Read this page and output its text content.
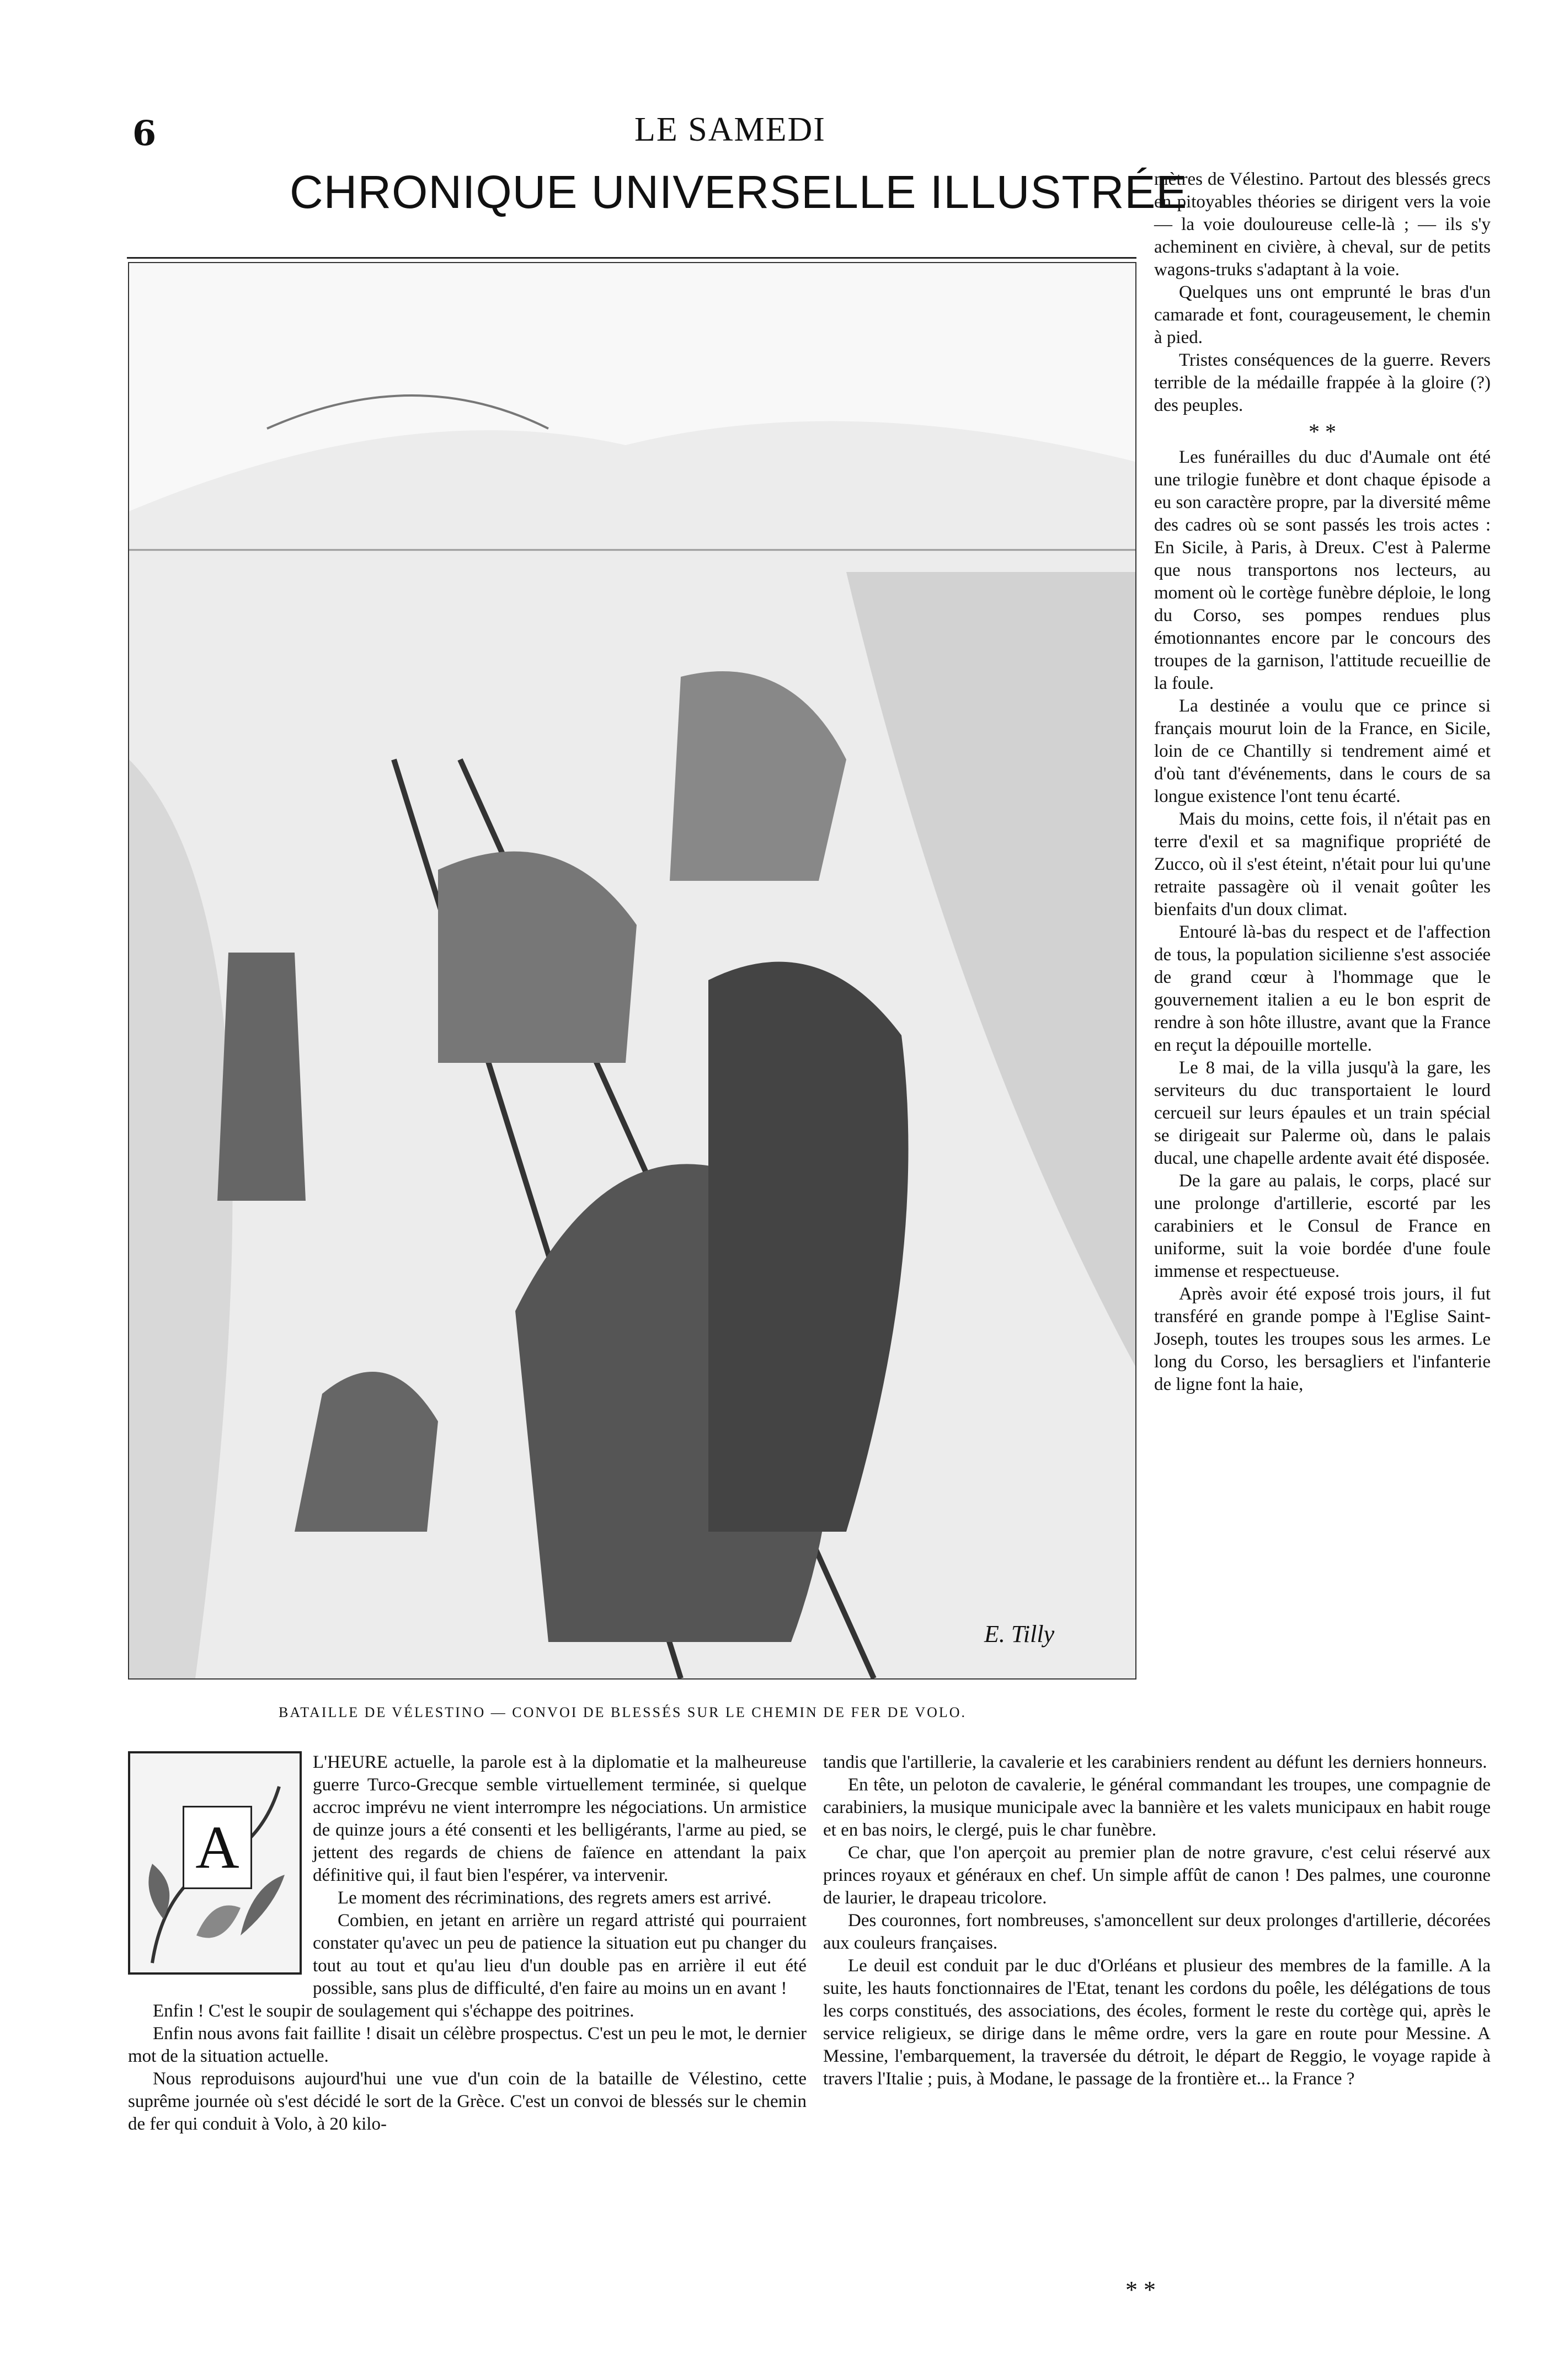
6	LE SAMEDI
CHRONIQUE UNIVERSELLE ILLUSTRÉE
E. Tilly
BATAILLE DE VÉLESTINO — CONVOI DE BLESSÉS SUR LE CHEMIN DE FER DE VOLO.

mètres de Vélestino. Partout des blessés grecs en pitoyables théories se dirigent vers la voie — la voie douloureuse celle-là ; — ils s'y acheminent en civière, à cheval, sur de petits wagons-truks s'adaptant à la voie.

Quelques uns ont emprunté le bras d'un camarade et font, courageusement, le chemin à pied.

Tristes conséquences de la guerre. Revers terrible de la médaille frappée à la gloire (?) des peuples.

* *

Les funérailles du duc d'Aumale ont été une trilogie funèbre et dont chaque épisode a eu son caractère propre, par la diversité même des cadres où se sont passés les trois actes : En Sicile, à Paris, à Dreux. C'est à Palerme que nous transportons nos lecteurs, au moment où le cortège funèbre déploie, le long du Corso, ses pompes rendues plus émotionnantes encore par le concours des troupes de la garnison, l'attitude recueillie de la foule.

La destinée a voulu que ce prince si français mourut loin de la France, en Sicile, loin de ce Chantilly si tendrement aimé et d'où tant d'événements, dans le cours de sa longue existence l'ont tenu écarté.

Mais du moins, cette fois, il n'était pas en terre d'exil et sa magnifique propriété de Zucco, où il s'est éteint, n'était pour lui qu'une retraite passagère où il venait goûter les bienfaits d'un doux climat.

Entouré là-bas du respect et de l'affection de tous, la population sicilienne s'est associée de grand cœur à l'hommage que le gouvernement italien a eu le bon esprit de rendre à son hôte illustre, avant que la France en reçut la dépouille mortelle.

Le 8 mai, de la villa jusqu'à la gare, les serviteurs du duc transportaient le lourd cercueil sur leurs épaules et un train spécial se dirigeait sur Palerme où, dans le palais ducal, une chapelle ardente avait été disposée.

De la gare au palais, le corps, placé sur une prolonge d'artillerie, escorté par les carabiniers et le Consul de France en uniforme, suit la voie bordée d'une foule immense et respectueuse.

Après avoir été exposé trois jours, il fut transféré en grande pompe à l'Eglise Saint-Joseph, toutes les troupes sous les armes. Le long du Corso, les bersagliers et l'infanterie de ligne font la haie,

A

L'HEURE actuelle, la parole est à la diplomatie et la malheureuse guerre Turco-Grecque semble virtuellement terminée, si quelque accroc imprévu ne vient interrompre les négociations. Un armistice de quinze jours a été consenti et les belligérants, l'arme au pied, se jettent des regards de chiens de faïence en attendant la paix définitive qui, il faut bien l'espérer, va intervenir.

Le moment des récriminations, des regrets amers est arrivé.

Combien, en jetant en arrière un regard attristé qui pourraient constater qu'avec un peu de patience la situation eut pu changer du tout au tout et qu'au lieu d'un double pas en arrière il eut été possible, sans plus de difficulté, d'en faire au moins un en avant !

Enfin ! C'est le soupir de soulagement qui s'échappe des poitrines.

Enfin nous avons fait faillite ! disait un célèbre prospectus. C'est un peu le mot, le dernier mot de la situation actuelle.

Nous reproduisons aujourd'hui une vue d'un coin de la bataille de Vélestino, cette suprême journée où s'est décidé le sort de la Grèce. C'est un convoi de blessés sur le chemin de fer qui conduit à Volo, à 20 kilo-

tandis que l'artillerie, la cavalerie et les carabiniers rendent au défunt les derniers honneurs.

En tête, un peloton de cavalerie, le général commandant les troupes, une compagnie de carabiniers, la musique municipale avec la bannière et les valets municipaux en habit rouge et en bas noirs, le clergé, puis le char funèbre.

Ce char, que l'on aperçoit au premier plan de notre gravure, c'est celui réservé aux princes royaux et généraux en chef. Un simple affût de canon ! Des palmes, une couronne de laurier, le drapeau tricolore.

Des couronnes, fort nombreuses, s'amoncellent sur deux prolonges d'artillerie, décorées aux couleurs françaises.

Le deuil est conduit par le duc d'Orléans et plusieur des membres de la famille. A la suite, les hauts fonctionnaires de l'Etat, tenant les cordons du poêle, les délégations de tous les corps constitués, des associations, des écoles, forment le reste du cortège qui, après le service religieux, se dirige dans le même ordre, vers la gare en route pour Messine. A Messine, l'embarquement, la traversée du détroit, le départ de Reggio, le voyage rapide à travers l'Italie ; puis, à Modane, le passage de la frontière et... la France ?

* *
